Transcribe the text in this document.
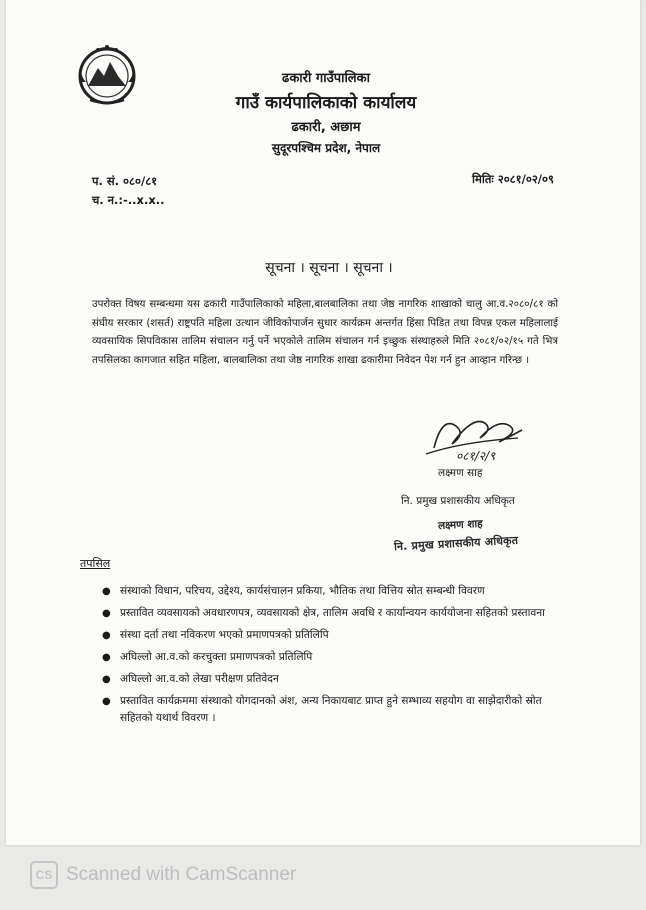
ढकारी गाउँपालिका
गाउँ कार्यपालिकाको कार्यालय
ढकारी, अछाम
सुदूरपश्चिम प्रदेश, नेपाल
प. सं. ०८०/८१
च. न.:-..x.x..
मितिः २०८१/०२/०९
सूचना । सूचना । सूचना ।
उपरोक्त विषय सम्बन्धमा यस ढकारी गाउँपालिकाको महिला,बालबालिका तथा जेष्ठ नागरिक शाखाको चालु आ.व.२०८०/८१ को संघीय सरकार (शसर्त) राष्ट्रपति महिला उत्थान जीविकोपार्जन सुधार कार्यक्रम अन्तर्गत हिंसा पिडित तथा विपन्न एकल महिलालाई व्यवसायिक सिपविकास तालिम संचालन गर्नु पर्ने भएकोले तालिम संचालन गर्न इच्छुक संस्थाहरुले मिति २०८१/०२/१५ गते भित्र तपसिलका कागजात सहित महिला, बालबालिका तथा जेष्ठ नागरिक शाखा ढकारीमा निवेदन पेश गर्न हुन आव्हान गरिन्छ ।
०८१/२/९
लक्ष्मण साह
नि. प्रमुख प्रशासकीय अधिकृत
लक्ष्मण शाह
नि. प्रमुख प्रशासकीय अधिकृत
तपसिल
● संस्थाको विधान, परिचय, उद्देश्य, कार्यसंचालन प्रकिया, भौतिक तथा वित्तिय स्रोत सम्बन्धी विवरण
● प्रस्तावित व्यवसायको अवधारणपत्र, व्यवसायको क्षेत्र, तालिम अवधि र कार्यान्वयन कार्ययोजना सहितको प्रस्तावना
● संस्था दर्ता तथा नविकरण भएको प्रमाणपत्रको प्रतिलिपि
● अघिल्लो आ.व.को करचुक्ता प्रमाणपत्रको प्रतिलिपि
● अघिल्लो आ.व.को लेखा परीक्षण प्रतिवेदन
● प्रस्तावित कार्यक्रममा संस्थाको योगदानको अंश, अन्य निकायबाट प्राप्त हुने सम्भाव्य सहयोग वा साझेदारीको स्रोत सहितको यथार्थ विवरण ।
CS Scanned with CamScanner
